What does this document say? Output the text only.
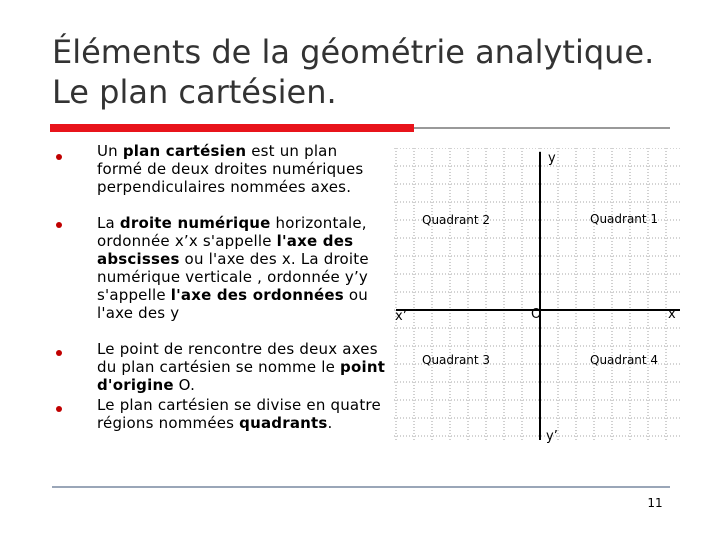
Éléments de la géométrie analytique. Le plan cartésien.
Un plan cartésien est un plan formé de deux droites numériques perpendiculaires nommées axes.
La droite numérique horizontale, ordonnée x’x s'appelle l'axe des abscisses ou l'axe des x. La droite numérique verticale , ordonnée y’y s'appelle l'axe des ordonnées ou l'axe des y
Le point de rencontre des deux axes du plan cartésien se nomme le point d'origine O.
Le plan cartésien se divise en quatre régions nommées quadrants.
y
y’
x
x’	O
Quadrant 1
Quadrant 2
Quadrant 3	Quadrant 4
11
